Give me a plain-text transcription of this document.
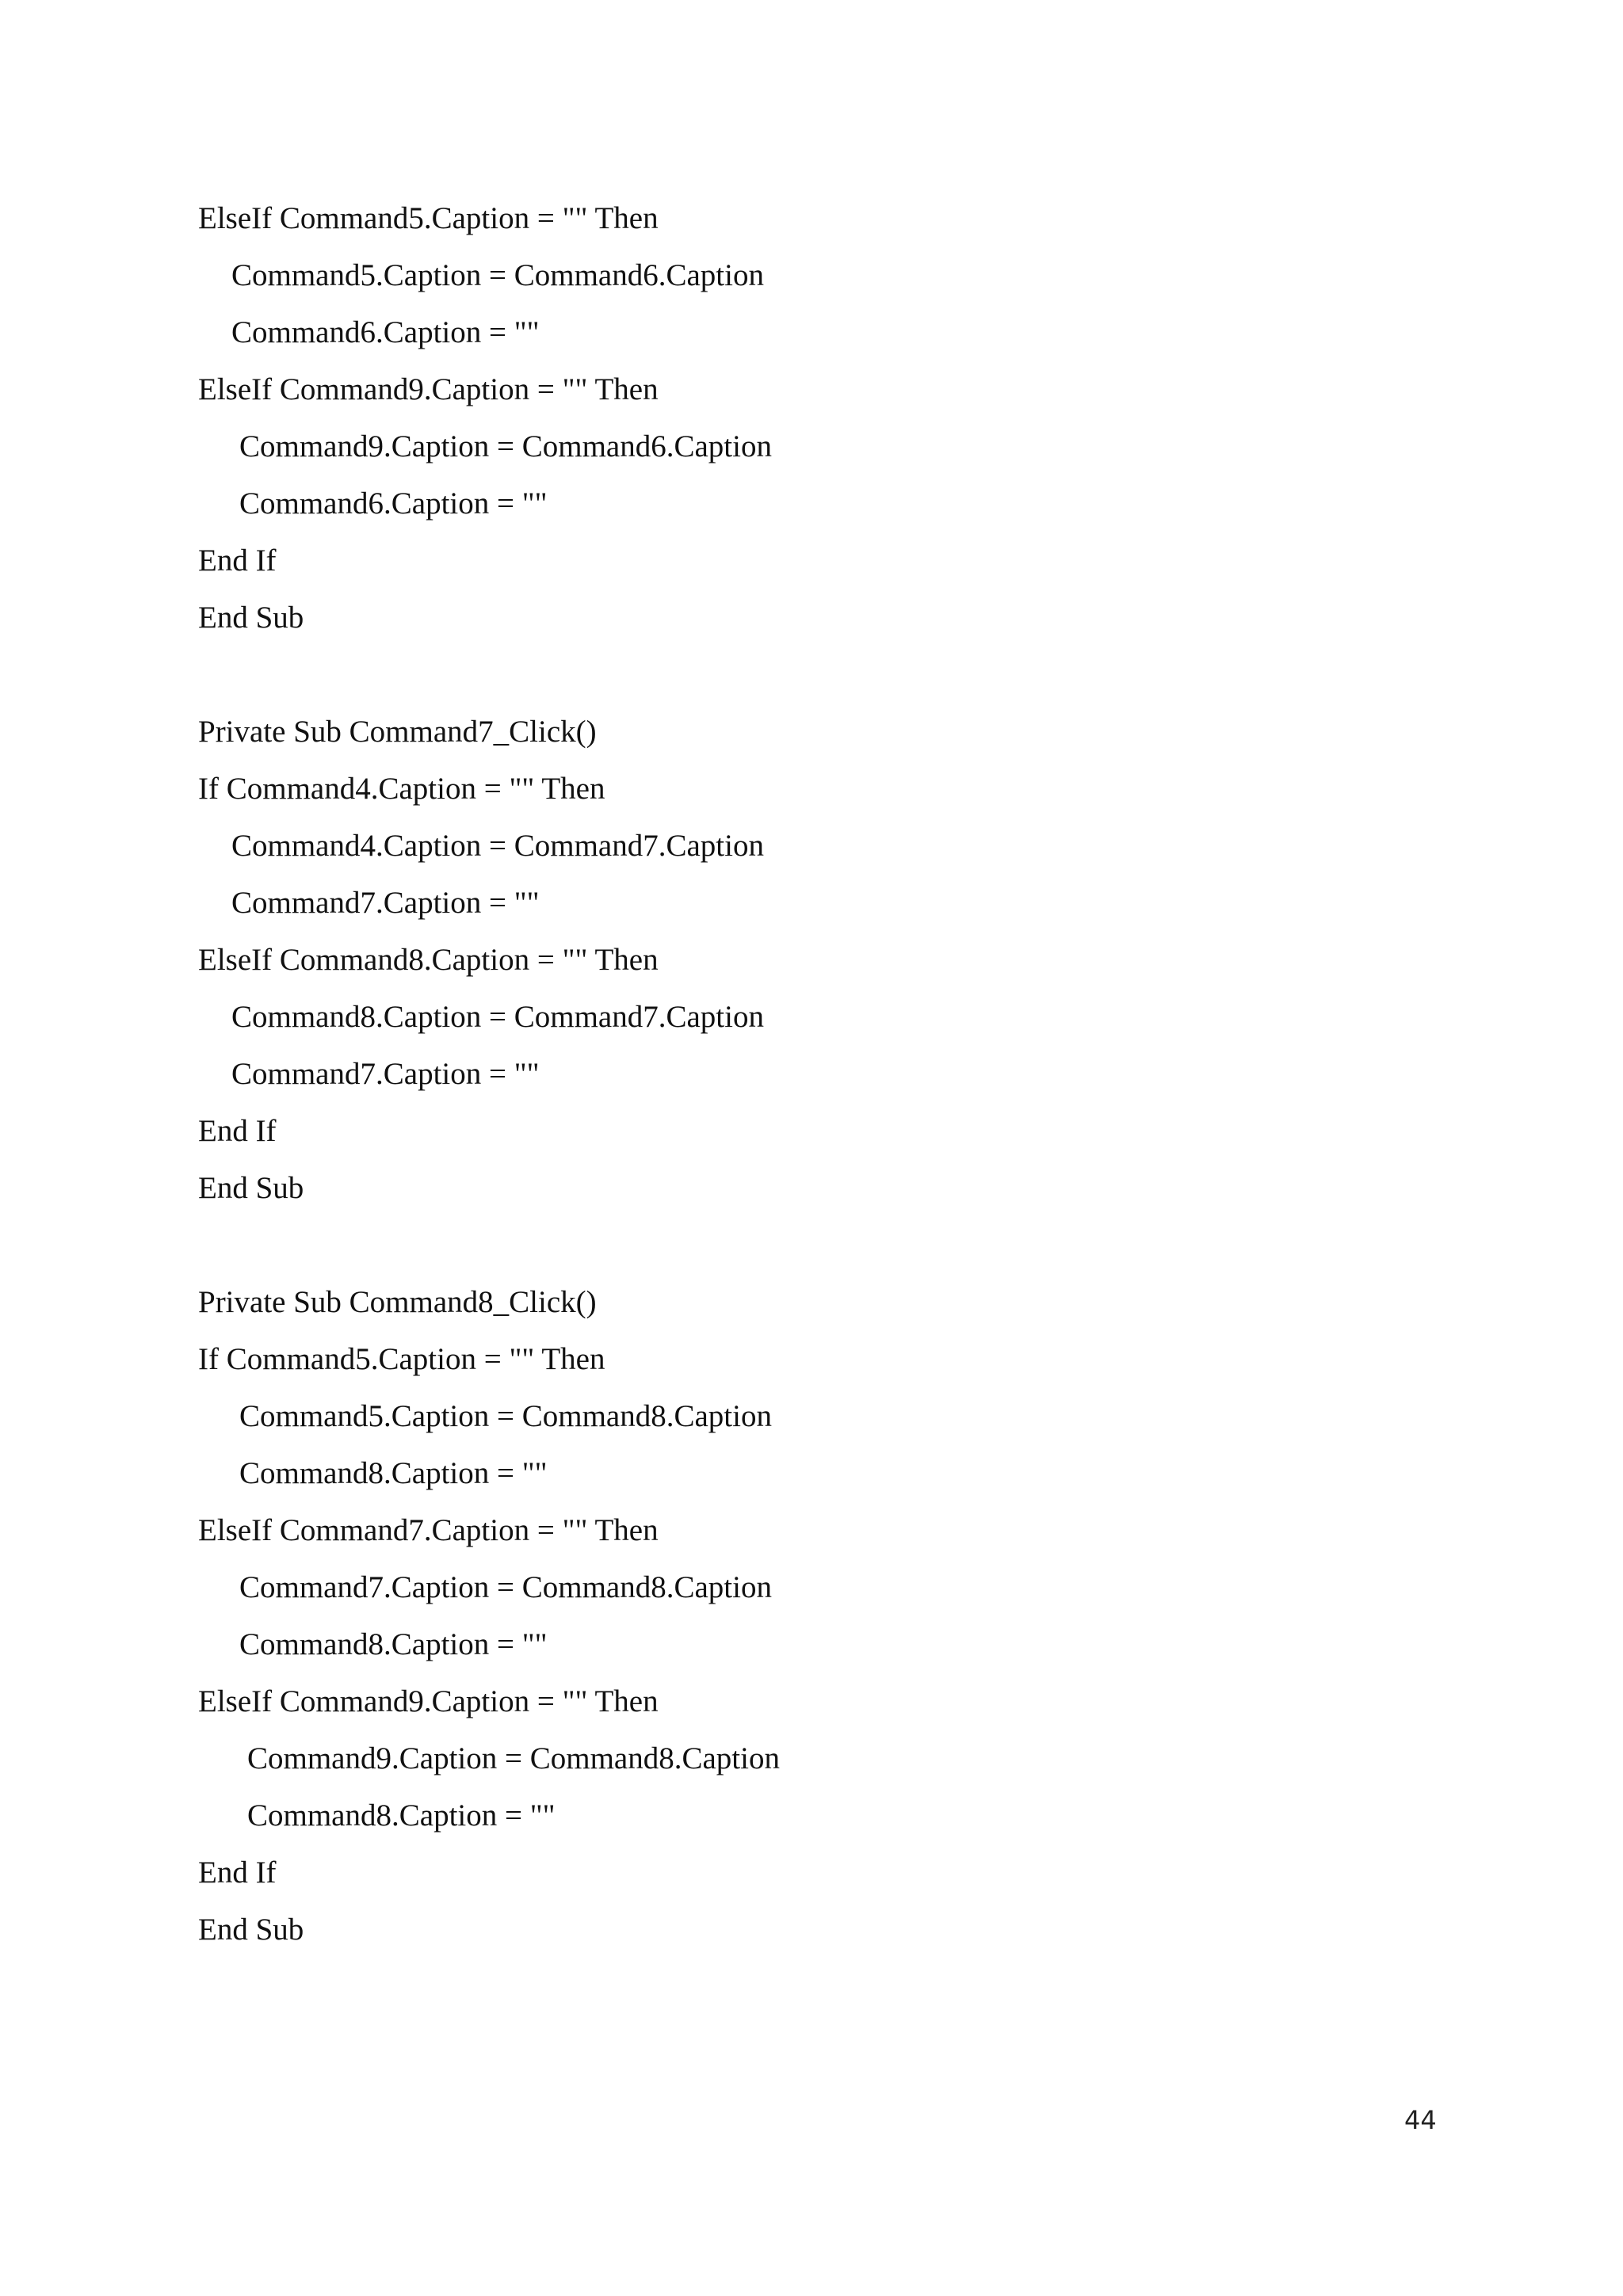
ElseIf Command5.Caption = "" Then
Command5.Caption = Command6.Caption
Command6.Caption = ""
ElseIf Command9.Caption = "" Then
Command9.Caption = Command6.Caption
Command6.Caption = ""
End If
End Sub
Private Sub Command7_Click()
If Command4.Caption = "" Then
Command4.Caption = Command7.Caption
Command7.Caption = ""
ElseIf Command8.Caption = "" Then
Command8.Caption = Command7.Caption
Command7.Caption = ""
End If
End Sub
Private Sub Command8_Click()
If Command5.Caption = "" Then
Command5.Caption = Command8.Caption
Command8.Caption = ""
ElseIf Command7.Caption = "" Then
Command7.Caption = Command8.Caption
Command8.Caption = ""
ElseIf Command9.Caption = "" Then
Command9.Caption = Command8.Caption
Command8.Caption = ""
End If
End Sub
44
